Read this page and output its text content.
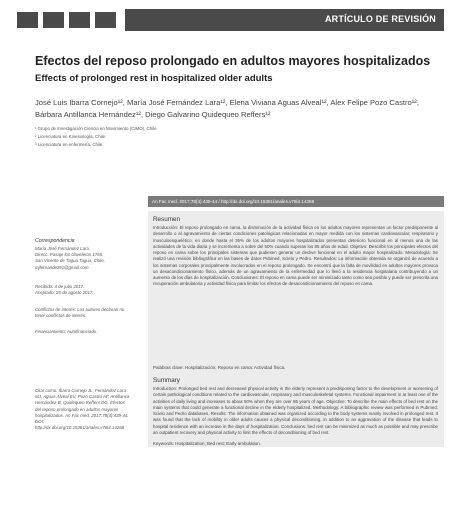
ARTÍCULO DE REVISIÓN
Efectos del reposo prolongado en adultos mayores hospitalizados
Effects of prolonged rest in hospitalized older adults
José Luis Ibarra Cornejo¹², María José Fernández Lara¹², Elena Viviana Aguas Alveal¹², Alex Felipe Pozo Castro¹², Bárbara Antillanca Hernández¹², Diego Galvarino Quidequeo Reffers¹²
¹ Grupo de Investigación Ciencia en Movimiento (CIMO), Chile.
² Licenciatura en Kinesiología, Chile.
³ Licenciatura en enfermería, Chile.
An Fac med. 2017;78(4):439-44 / http://dx.doi.org/10.15381/anales.v78i4.14268
Correspondencia
María José Fernández Lara
Direcc. Pasaje los claveleros 1765,
San Vicente de Tagua Tagua, Chile,
mjfernandez91@gmail.com
Recibido: 4 de julio 2017.
Aceptado: 25 de agosto 2017.
Conflictos de interés: Los autores declaran no tener conflictos de interés.
Financiamiento: Autofinanciado.
Citar como: Ibarra Cornejo JL, Fernández Lara MJ, Aguas Alveal EV, Pozo Castro AF, Antillanca Hernández B, Quidequeo Reffers DG. Efectos del reposo prolongado en adultos mayores hospitalizados. An Fac med. 2017;78(4):439-44. DOI: http://dx.doi.org/10.15381/anales.v78i4.14268
Resumen
Introducción: El reposo prolongado en cama, la disminución de la actividad física en los adultos mayores representan un factor predisponente al desarrollo o al agravamiento de ciertas condiciones patológicas relacionadas en mayor medida con los sistemas cardiovascular, respiratorio y musculoesquelético, en donde hasta el 35% de los adultos mayores hospitalizados presentan deterioro funcional en al menos una de las actividades de la vida diaria y se incrementa a sobre del 50% cuando superan los 85 años de edad. Objetivo: Describir los principales efectos del reposo en cama sobre los principales sistemas que pudiesen generar un declive funcional en el adulto mayor hospitalizado. Metodología: Se realizó una revisión bibliográfica en las bases de datos Pubmed, Scielo y Pedro. Resultados: La información obtenida se organizó de acuerdo a los sistemas corporales principalmente involucrados en el reposo prolongado. Se encontró que la falta de movilidad en adultos mayores provoca un desacondicionamiento físico, además de un agravamiento de la enfermedad que lo llevó a la residencia hospitalaria contribuyendo a un aumento de los días de hospitalización. Conclusiones: El reposo en cama puede ser minimizado tanto como sea posible y puede ser prescrita una recuperación ambulatoria y actividad física para limitar los efectos de desacondicionamiento del reposo en cama.
Palabras clave: Hospitalización; Reposo en cama; Actividad física.
Summary
Introduction: Prolonged bed rest and decreased physical activity in the elderly represent a predisposing factor to the development or worsening of certain pathological conditions related to the cardiovascular, respiratory and musculoskeletal systems. Functional impairment in at least one of the activities of daily living and increases to about 50% when they are over 85 years of age. Objective: To describe the main effects of bed rest on the main systems that could generate a functional decline in the elderly hospitalized. Methodology: A bibliographic review was performed in Pubmed, Scielo and Pedro databases. Results: The information obtained was organized according to the body systems mainly involved in prolonged rest. It was found that the lack of mobility in older adults causes a physical deconditioning, in addition to an aggravation of the disease that leads to hospital residence with an increase in the days of hospitalization. Conclusions: bed rest can be minimized as much as possible and may prescribe an outpatient recovery and physical activity to limit the effects of deconditioning of bed rest.
Keywords: Hospitalization; Bed rest; Early ambulation.
